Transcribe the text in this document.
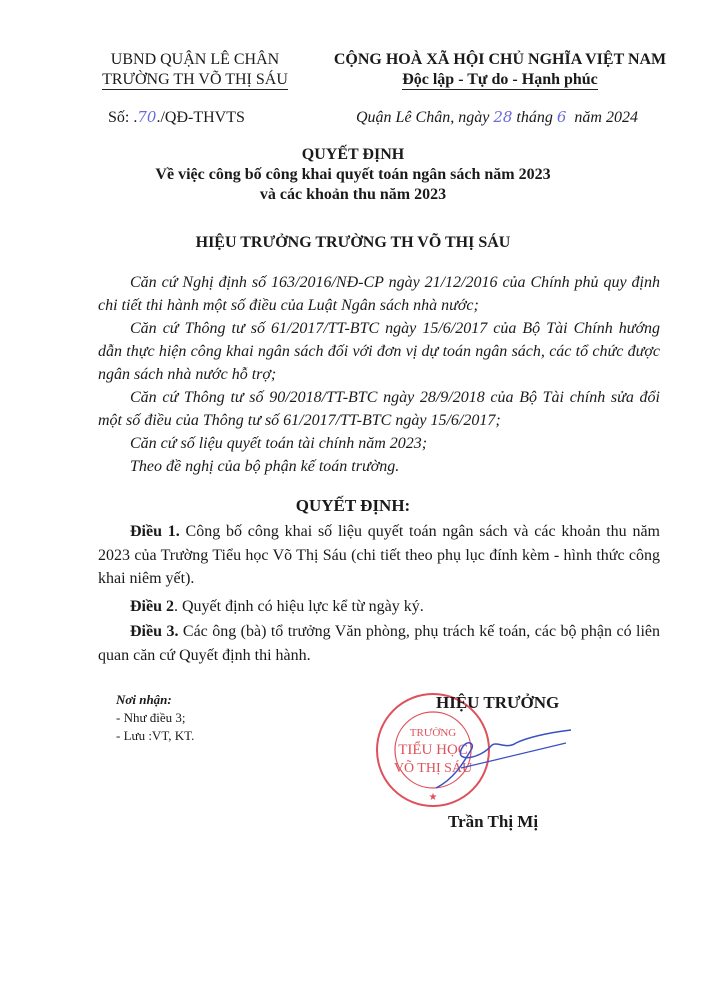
UBND QUẬN LÊ CHÂN
TRƯỜNG TH VÕ THỊ SÁU
CỘNG HOÀ XÃ HỘI CHỦ NGHĨA VIỆT NAM
Độc lập - Tự do - Hạnh phúc
Số: .70./QĐ-THVTS	Quận Lê Chân, ngày 28 tháng 6  năm 2024
QUYẾT ĐỊNH
Về việc công bố công khai quyết toán ngân sách năm 2023
và các khoản thu năm 2023
HIỆU TRƯỞNG TRƯỜNG TH VÕ THỊ SÁU

Căn cứ Nghị định số 163/2016/NĐ-CP ngày 21/12/2016 của Chính phủ quy định chi tiết thi hành một số điều của Luật Ngân sách nhà nước;

Căn cứ Thông tư số 61/2017/TT-BTC ngày 15/6/2017 của Bộ Tài Chính hướng dẫn thực hiện công khai ngân sách đối với đơn vị dự toán ngân sách, các tổ chức được ngân sách nhà nước hỗ trợ;

Căn cứ Thông tư số 90/2018/TT-BTC ngày 28/9/2018 của Bộ Tài chính sửa đổi một số điều của Thông tư số 61/2017/TT-BTC ngày 15/6/2017;

Căn cứ số liệu quyết toán tài chính năm 2023;

Theo đề nghị của bộ phận kế toán trường.

QUYẾT ĐỊNH:

Điều 1. Công bố công khai số liệu quyết toán ngân sách và các khoản thu năm 2023 của Trường Tiểu học Võ Thị Sáu (chi tiết theo phụ lục đính kèm - hình thức công khai niêm yết).

Điều 2. Quyết định có hiệu lực kể từ ngày ký.

Điều 3. Các ông (bà) tổ trưởng Văn phòng, phụ trách kế toán, các bộ phận có liên quan căn cứ Quyết định thi hành.

Nơi nhận:
- Như điều 3;
- Lưu :VT, KT.	TRƯỜNG
TIỂU HỌC
VÕ THỊ SÁU
★
HIỆU TRƯỞNG
Trần Thị Mị
